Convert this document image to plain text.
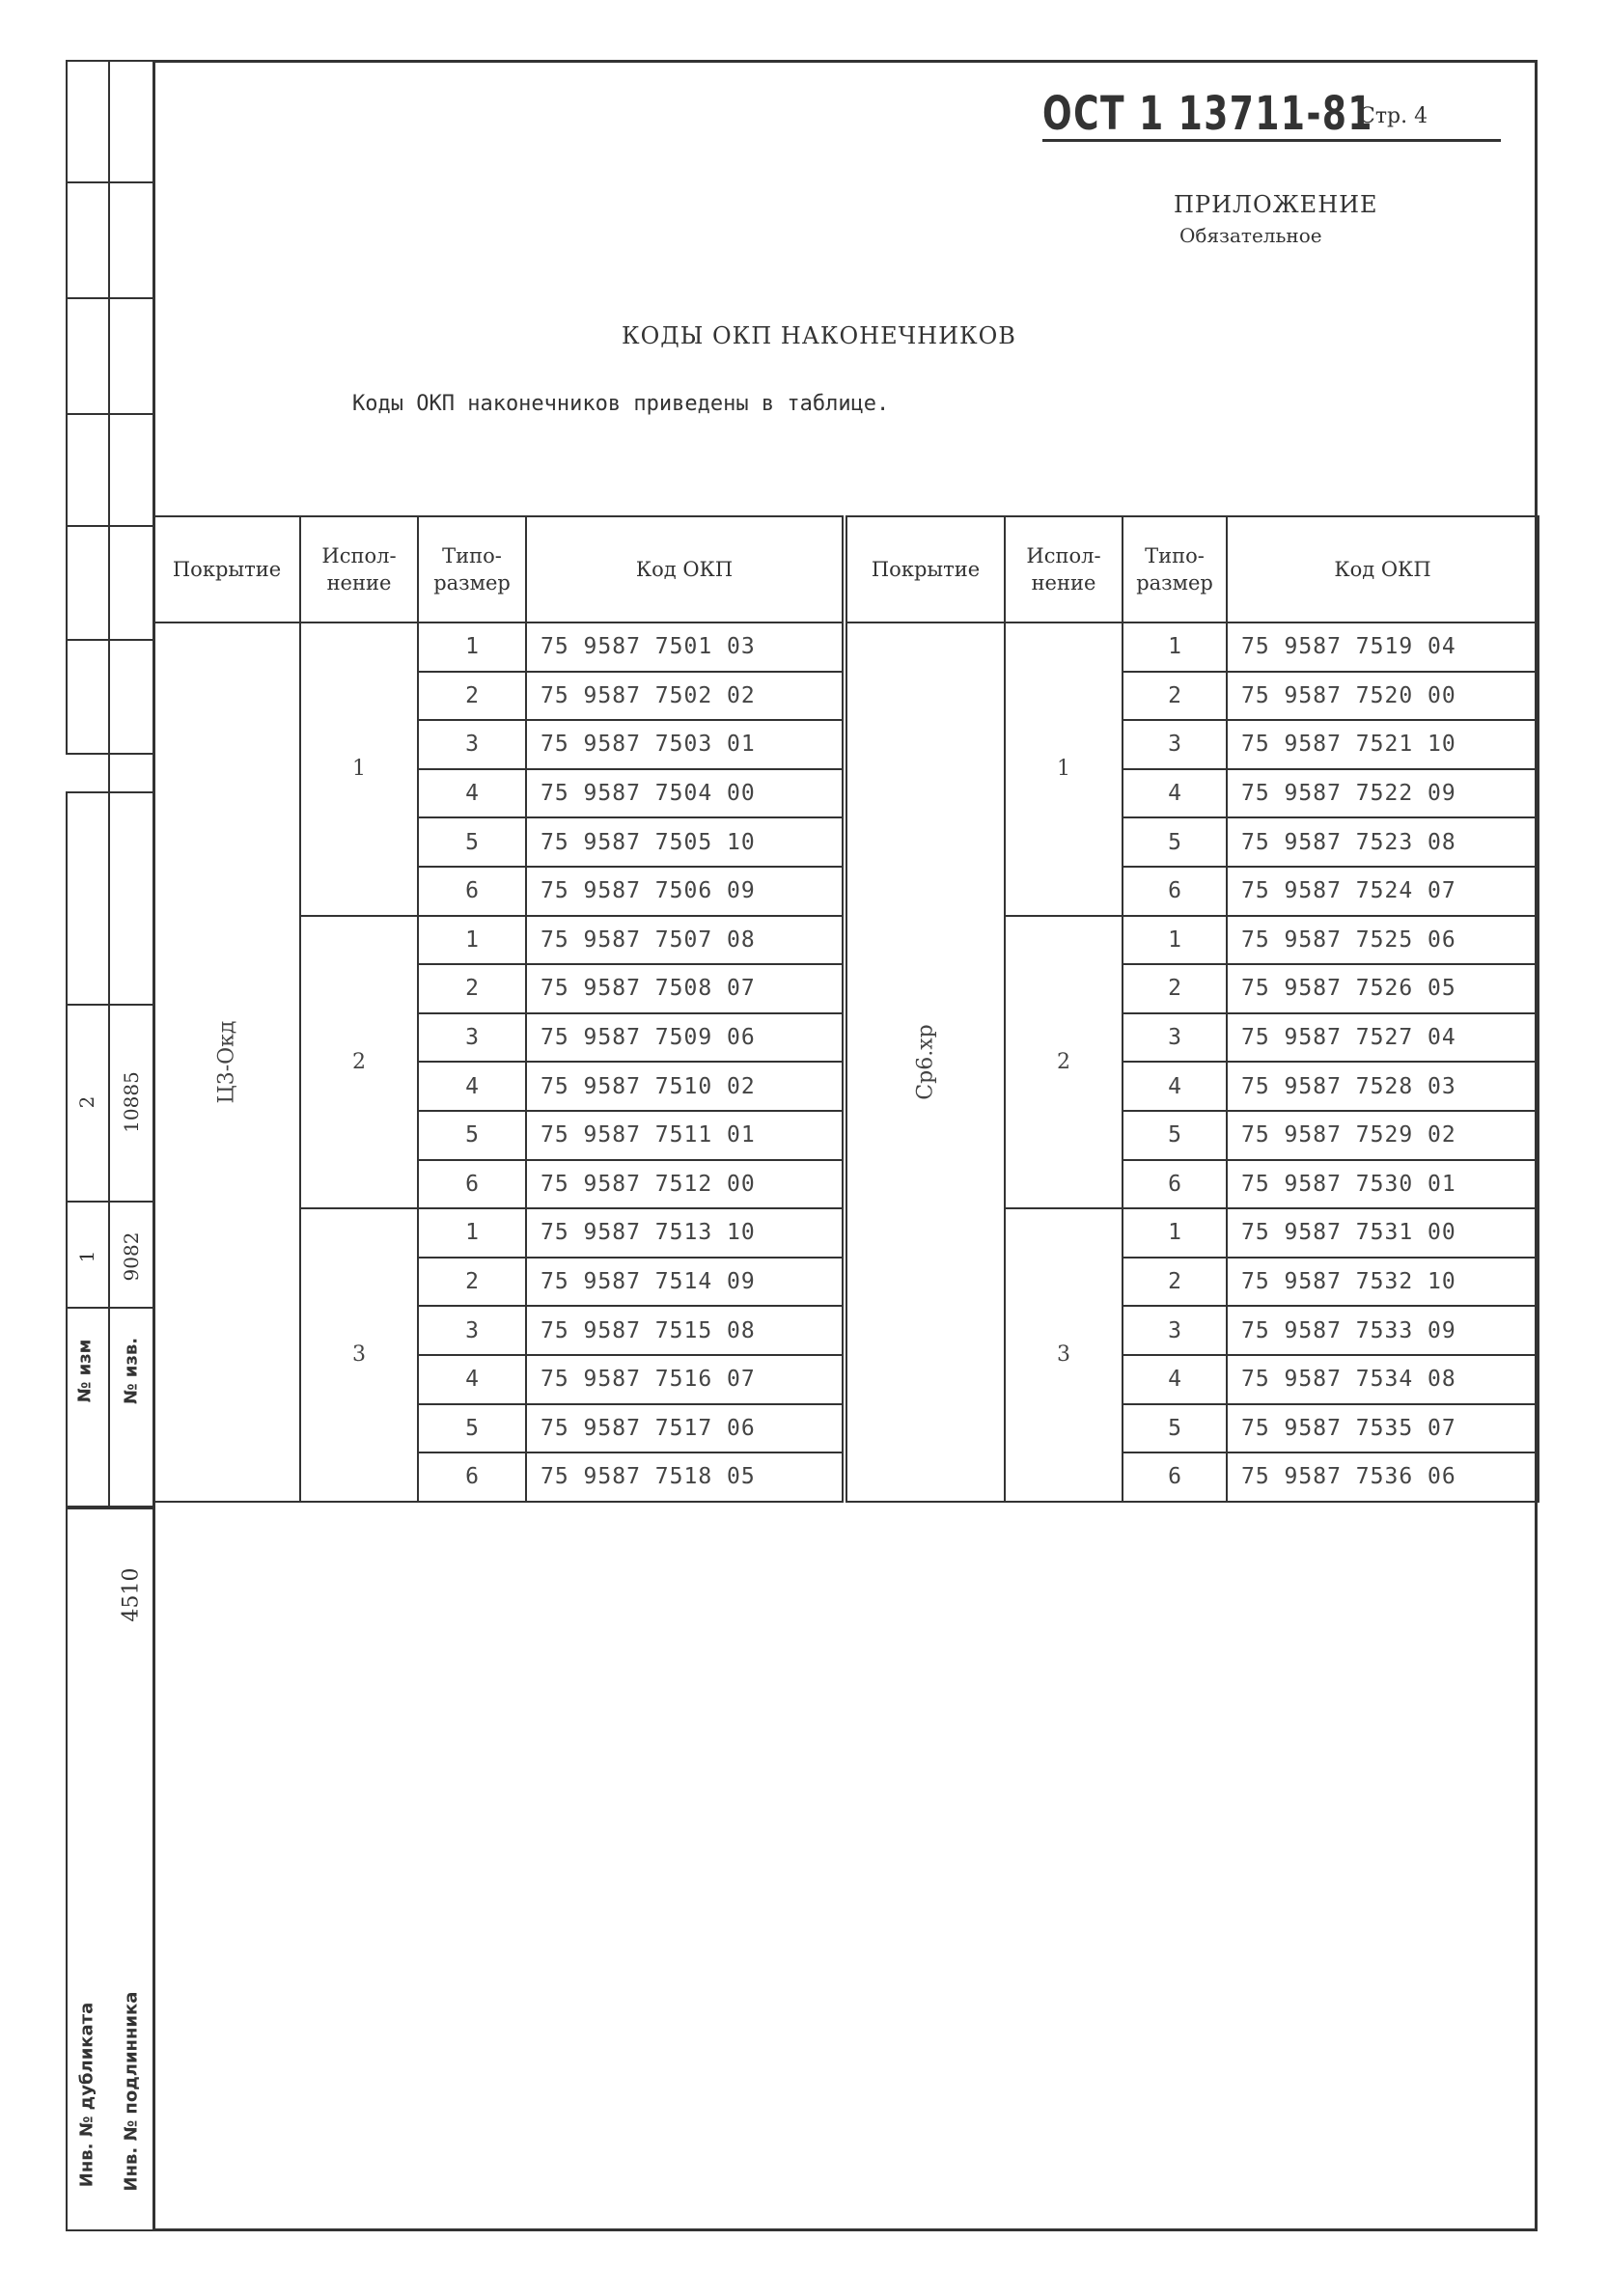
№ изм № изв.
1
2
9082
10885
Инв. № дубликата Инв. № подлинника
4510
ОСТ 1 13711-81
Стр. 4
ПРИЛОЖЕНИЕ
Обязательное
КОДЫ ОКП НАКОНЕЧНИКОВ
Коды ОКП наконечников приведены в таблице.
Покрытие	Испол- нение	Типо- размер	Код ОКП	Покрытие	Испол- нение	Типо- размер	Код ОКП
Ц3-Окд	1	1	75 9587 7501 03	Ср6.хр	1	1	75 9587 7519 04
		2	75 9587 7502 02			2	75 9587 7520 00
		3	75 9587 7503 01			3	75 9587 7521 10
		4	75 9587 7504 00			4	75 9587 7522 09
		5	75 9587 7505 10			5	75 9587 7523 08
		6	75 9587 7506 09			6	75 9587 7524 07
	2	1	75 9587 7507 08		2	1	75 9587 7525 06
		2	75 9587 7508 07			2	75 9587 7526 05
		3	75 9587 7509 06			3	75 9587 7527 04
		4	75 9587 7510 02			4	75 9587 7528 03
		5	75 9587 7511 01			5	75 9587 7529 02
		6	75 9587 7512 00			6	75 9587 7530 01
	3	1	75 9587 7513 10		3	1	75 9587 7531 00
		2	75 9587 7514 09			2	75 9587 7532 10
		3	75 9587 7515 08			3	75 9587 7533 09
		4	75 9587 7516 07			4	75 9587 7534 08
		5	75 9587 7517 06			5	75 9587 7535 07
		6	75 9587 7518 05			6	75 9587 7536 06
